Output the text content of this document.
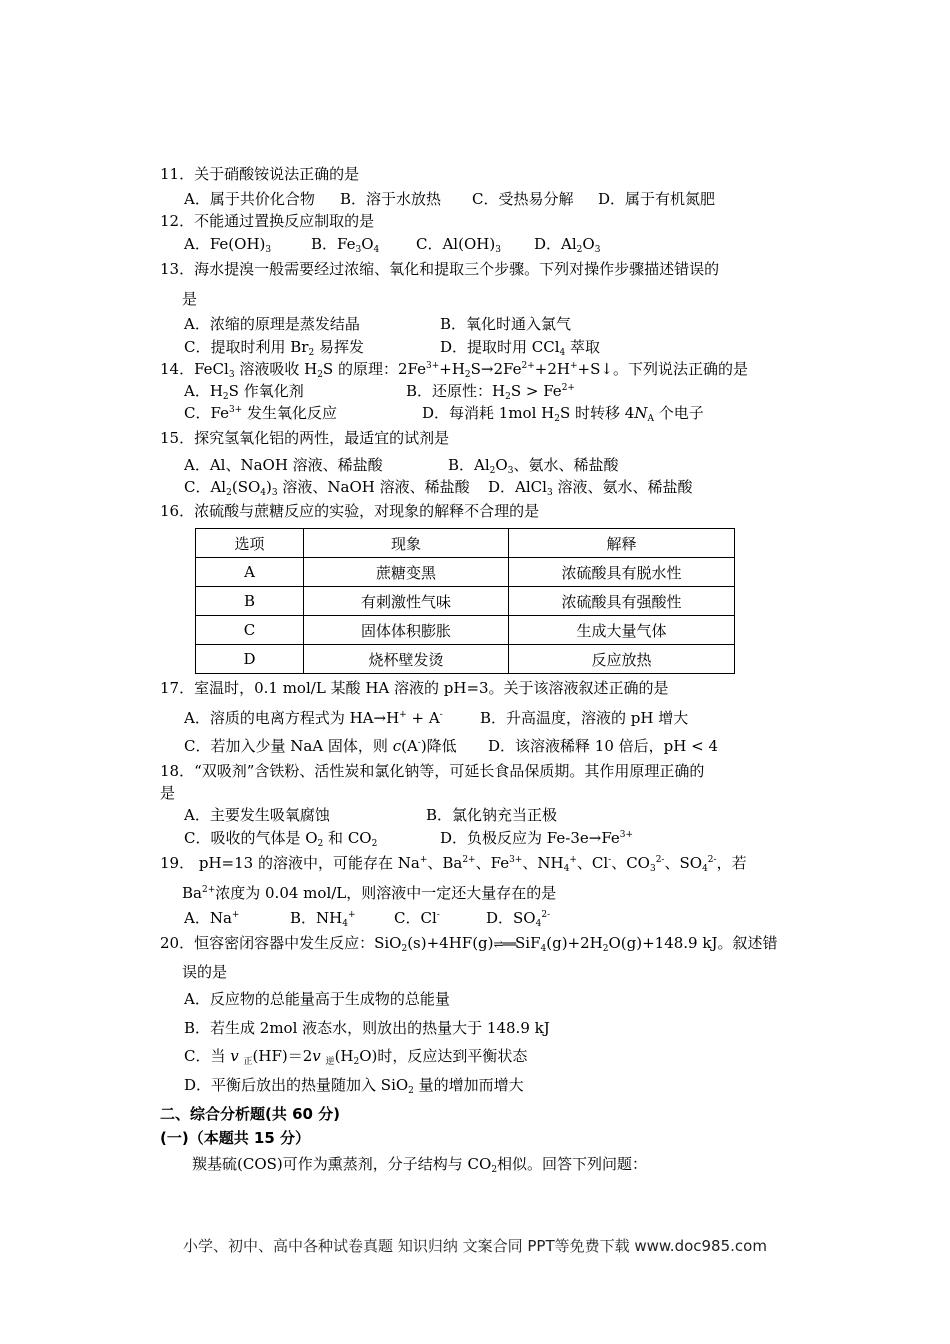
11．关于硝酸铵说法正确的是
A．属于共价化合物 B．溶于水放热 C．受热易分解 D．属于有机氮肥
12．不能通过置换反应制取的是
A．$Fe(OH)_3$	B．$Fe_3O_4$ C．$Al(OH)_3$ D．$Al_2O_3$
13．海水提溴一般需要经过浓缩、氧化和提取三个步骤。下列对操作步骤描述错误的
是
A．浓缩的原理是蒸发结晶	B．氧化时通入氯气
C．提取时利用 $Br_2$ 易挥发	D．提取时用 CCl$_4$ 萃取
14．FeCl$_3$ 溶液吸收 $H_2S$ 的原理：$2Fe^{3+}+H_2S\to 2Fe^{2+}+2H^++S↓$。下列说法正确的是
A．$H_2S$ 作氧化剂	B．还原性：$H_2S > Fe^{2+}$
C．$Fe^{3+}$ 发生氧化反应	D．每消耗 1mol $H_2S$ 时转移 $4N_A$ 个电子
15．探究氢氧化铝的两性，最适宜的试剂是
A．Al、NaOH 溶液、稀盐酸	B．$Al_2O_3$、氨水、稀盐酸
C．$Al_2(SO_4)_3$ 溶液、NaOH 溶液、稀盐酸 D．AlCl$_3$ 溶液、氨水、稀盐酸
16．浓硫酸与蔗糖反应的实验，对现象的解释不合理的是
选项	现象	解释
A	蔗糖变黑	浓硫酸具有脱水性
B	有刺激性气味	浓硫酸具有强酸性
C	固体体积膨胀	生成大量气体
D	烧杯壁发烫	反应放热
17．室温时，0.1 mol/L 某酸 HA 溶液的 pH=3。关于该溶液叙述正确的是
A．溶质的电离方程式为 HA→H+ + A- B．升高温度，溶液的 pH 增大
C．若加入少量 NaA 固体，则 c(A-)降低 D．该溶液稀释 10 倍后，pH < 4
18．“双吸剂”含铁粉、活性炭和氯化钠等，可延长食品保质期。其作用原理正确的
是
A．主要发生吸氧腐蚀	B．氯化钠充当正极
C．吸收的气体是 $O_2$ 和 $CO_2$	D．负极反应为 $Fe-3e\to Fe^{3+}$
19． pH=13 的溶液中，可能存在 Na+、$Ba^{2+}$、$Fe^{3+}$、$NH_4^+$、Cl-、$CO_3^{2-}$、$SO_4^{2-}$，若
$Ba^{2+}$浓度为 0.04 mol/L，则溶液中一定还大量存在的是
A．Na+	B．$NH_4^+$	C．Cl-	D．$SO_4^{2-}$
20．恒容密闭容器中发生反应：$SiO_2(s)+4HF(g)\rightleftharpoons══SiF_4(g)+2H_2O(g)+148.9$ kJ。叙述错
误的是
A．反应物的总能量高于生成物的总能量
B．若生成 2mol 液态水，则放出的热量大于 148.9 kJ
C．当 v $_正$(HF)＝2v $_逆(H_2O)$时，反应达到平衡状态
D．平衡后放出的热量随加入 SiO$_2$ 量的增加而增大
二、综合分析题(共 60 分)
(一)（本题共 15 分）
羰基硫(COS)可作为熏蒸剂，分子结构与 $CO_2$相似。回答下列问题：
小学、初中、高中各种试卷真题 知识归纳 文案合同 PPT等免费下载 www.doc985.com
